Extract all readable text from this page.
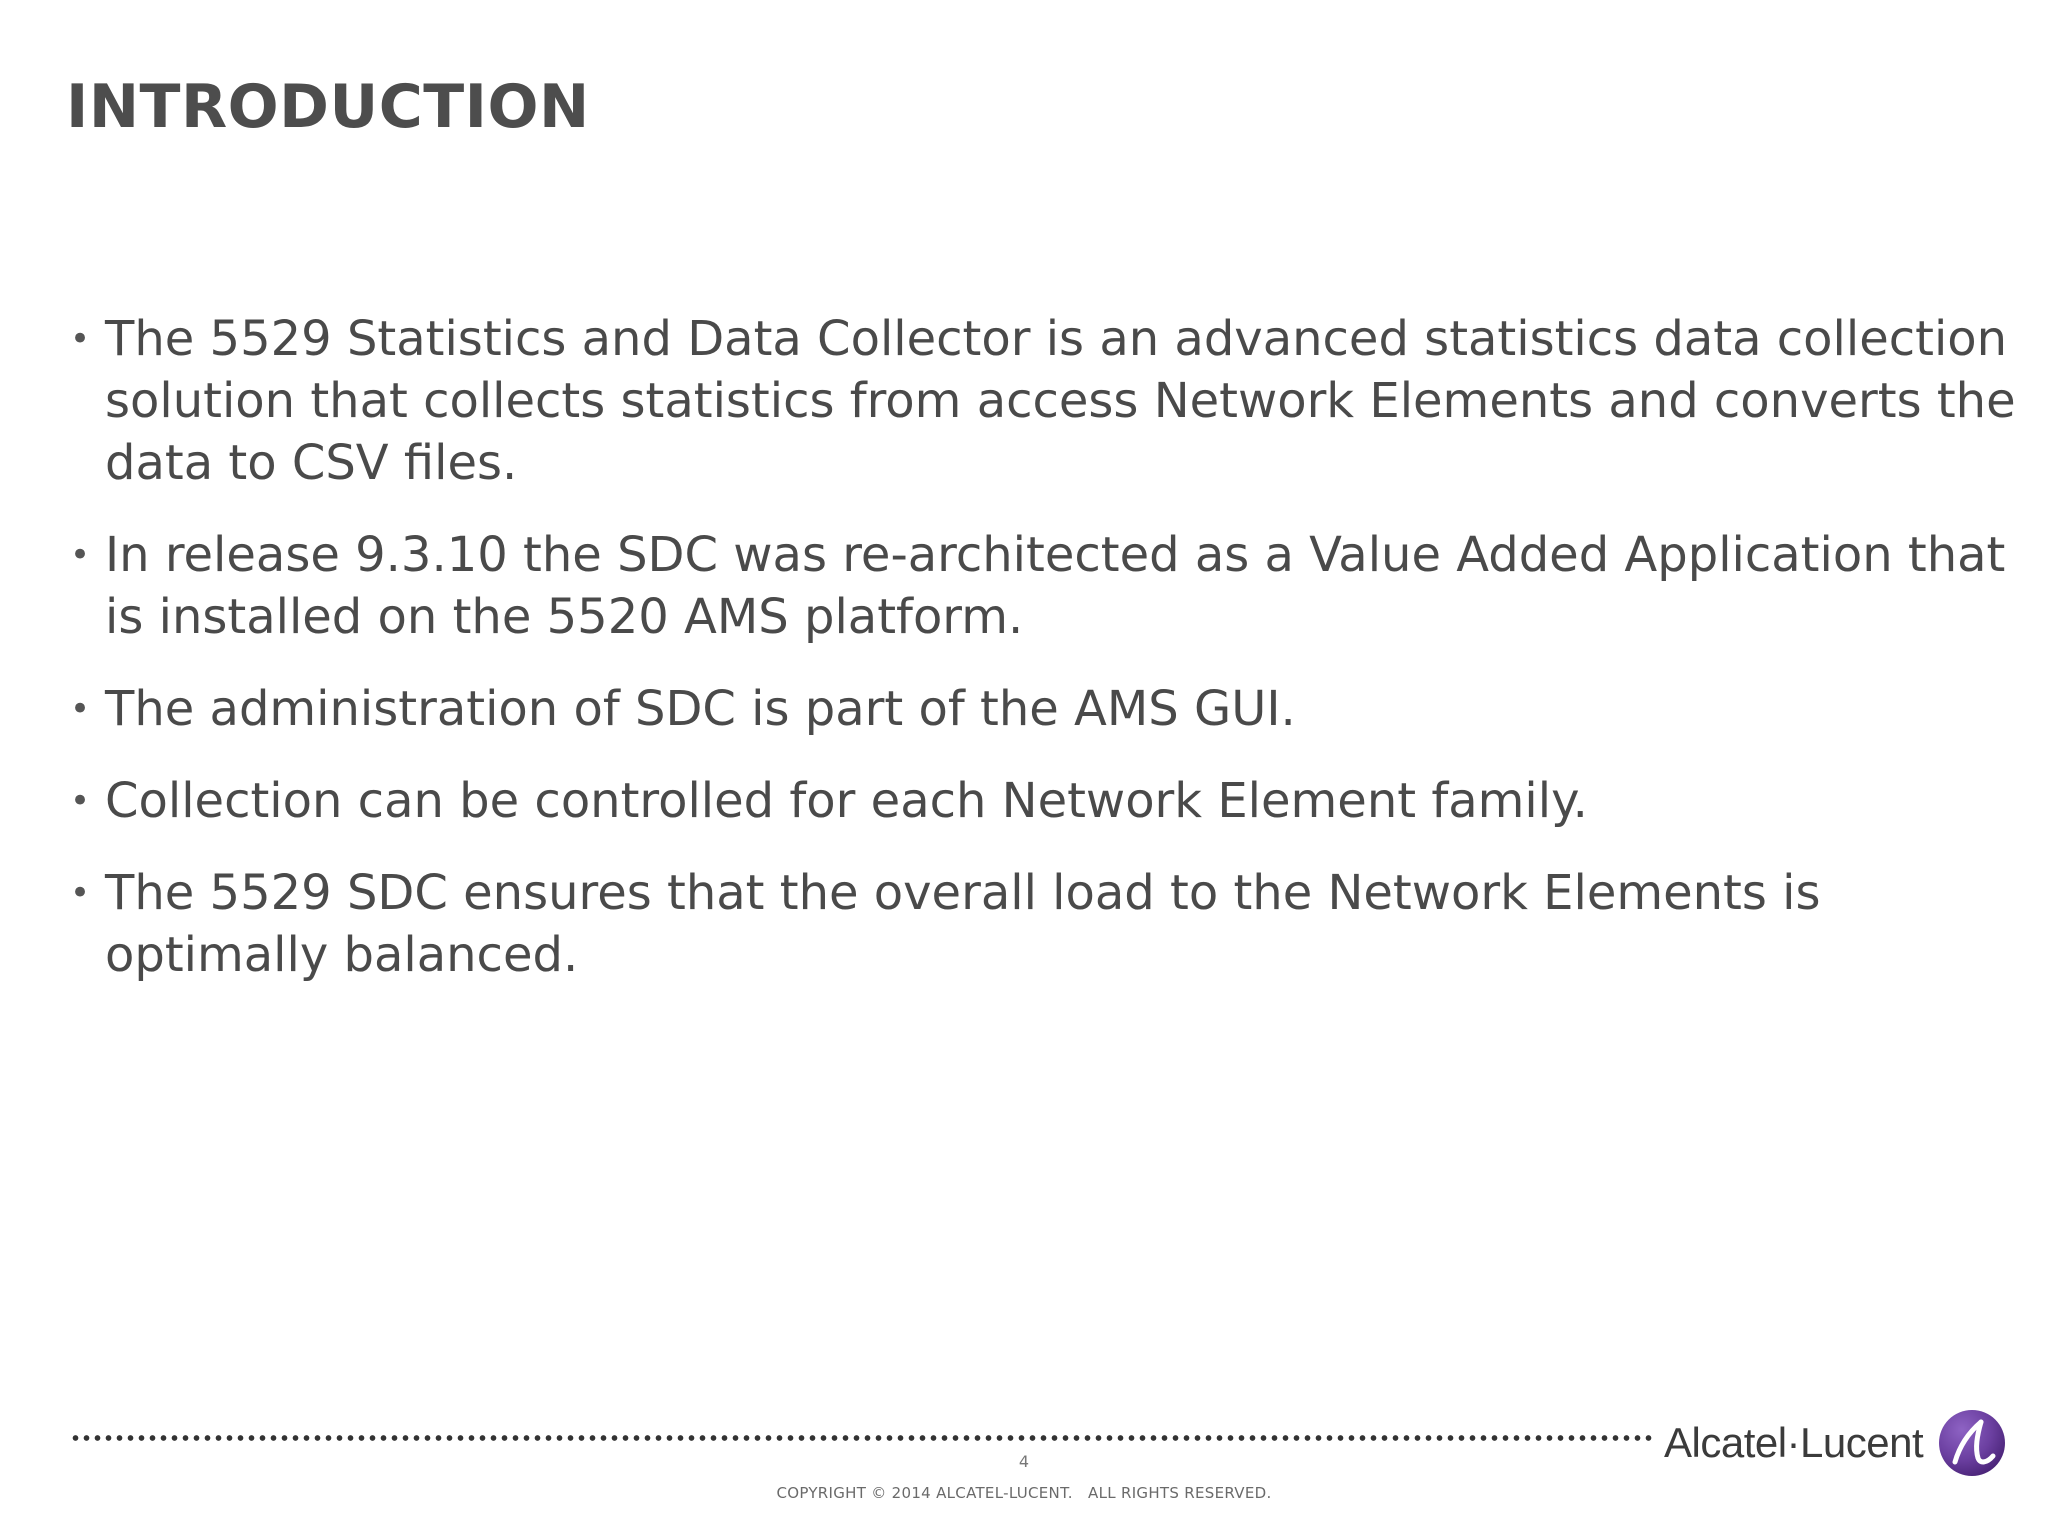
INTRODUCTION
• The 5529 Statistics and Data Collector is an advanced statistics data collection solution that collects statistics from access Network Elements and converts the data to CSV files.
• In release 9.3.10 the SDC was re-architected as a Value Added Application that is installed on the 5520 AMS platform.
• The administration of SDC is part of the AMS GUI.
• Collection can be controlled for each Network Element family.
• The 5529 SDC ensures that the overall load to the Network Elements is optimally balanced.
Alcatel·Lucent
4
COPYRIGHT © 2014 ALCATEL-LUCENT.   ALL RIGHTS RESERVED.
